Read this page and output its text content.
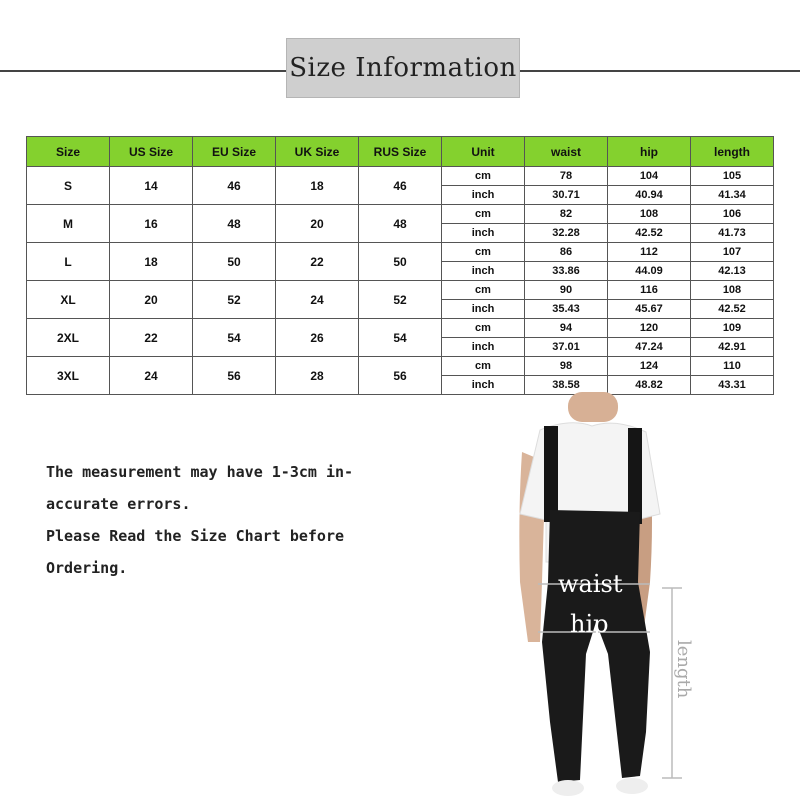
Size Information
Size	US Size	EU Size	UK Size	RUS Size	Unit	waist	hip	length
S	14	46	18	46	cm	78	104	105
					inch	30.71	40.94	41.34
M	16	48	20	48	cm	82	108	106
					inch	32.28	42.52	41.73
L	18	50	22	50	cm	86	112	107
					inch	33.86	44.09	42.13
XL	20	52	24	52	cm	90	116	108
					inch	35.43	45.67	42.52
2XL	22	54	26	54	cm	94	120	109
					inch	37.01	47.24	42.91
3XL	24	56	28	56	cm	98	124	110
					inch	38.58	48.82	43.31
The measurement may have 1-3cm in-
accurate errors.
Please Read the Size Chart before
Ordering.
waist
hip
length
